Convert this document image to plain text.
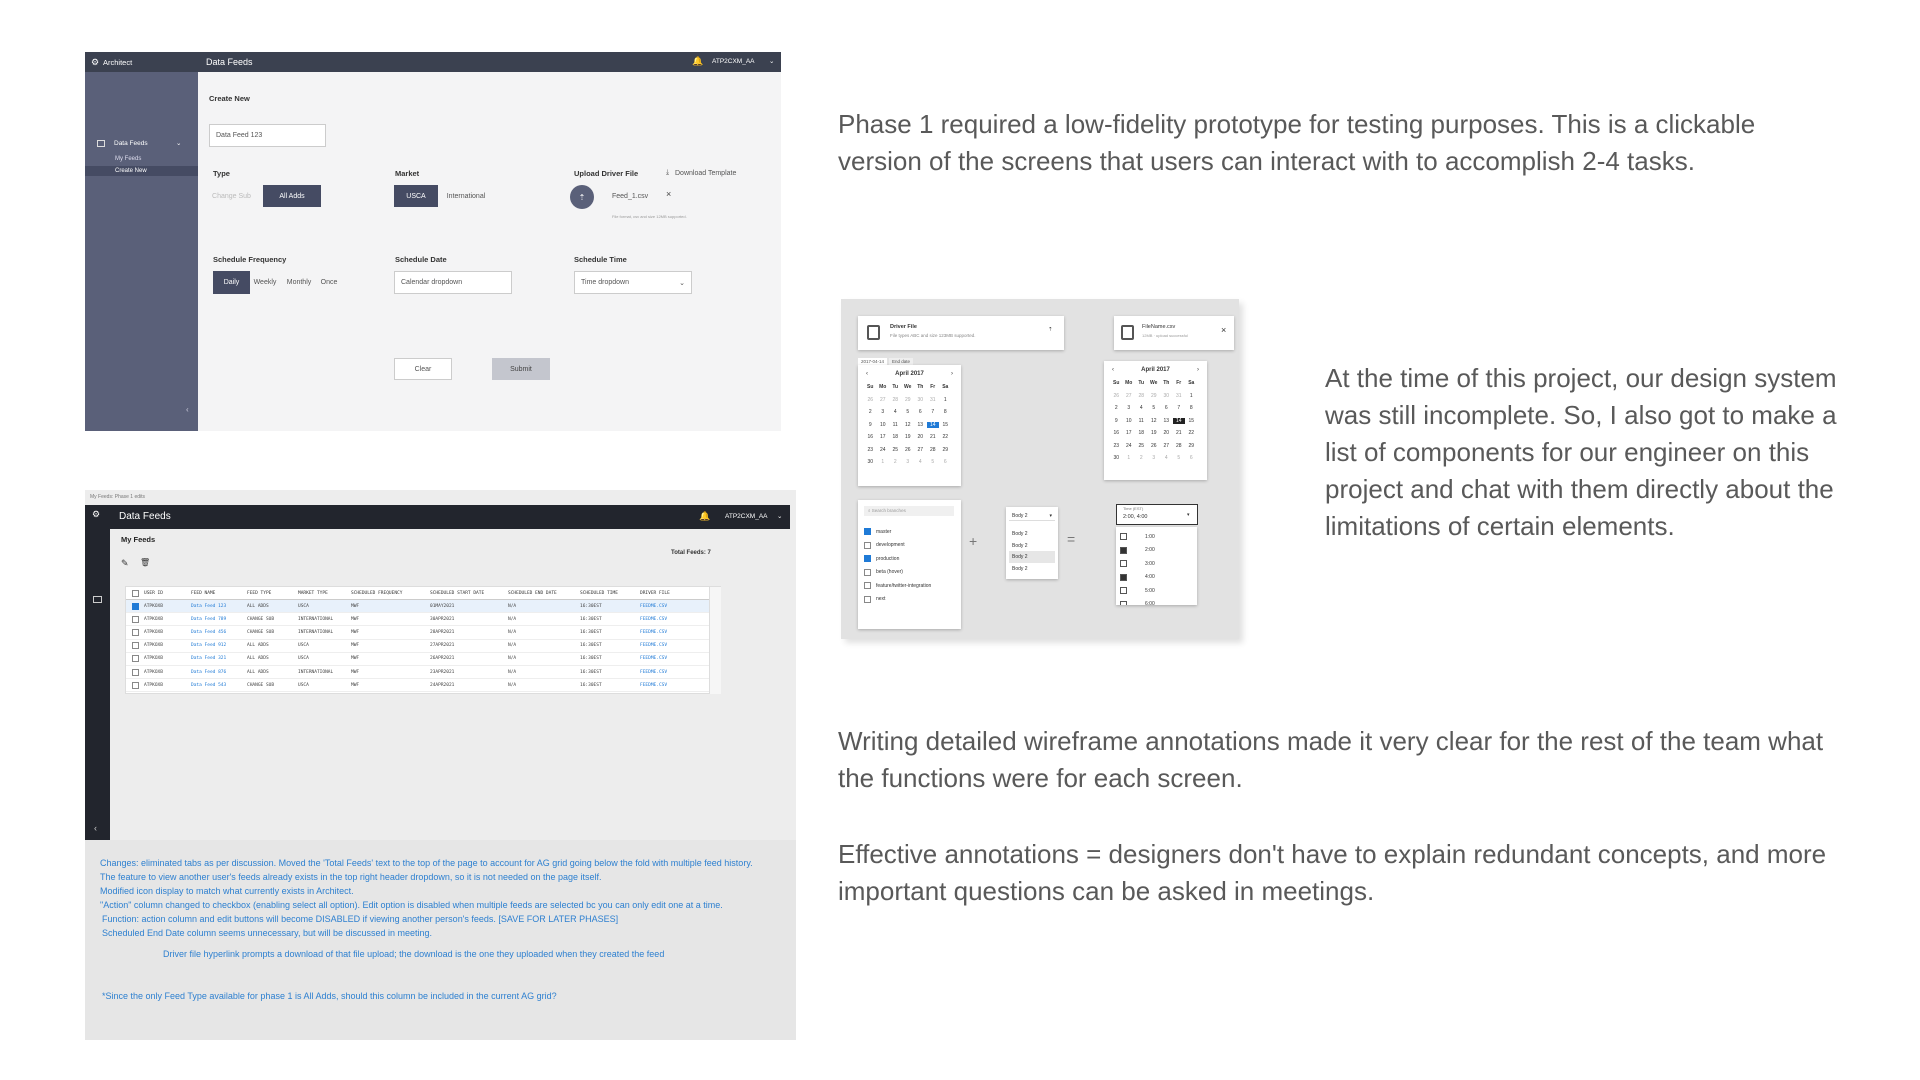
⚙ Architect	Data Feeds	🔔 ATP2CXM_AA ⌄
Data Feeds	⌄
My Feeds
Create New
‹
Create New
Data Feed 123
Type
Change Sub	All Adds
Market
USCA	International
Upload Driver File	⤓ Download Template
⇡	Feed_1.csv ×
File format, csv and size 12MB supported.
Schedule Frequency
Daily	Weekly	Monthly	Once
Schedule Date
Calendar dropdown
Schedule Time
Time dropdown	⌄
Clear	Submit
My Feeds: Phase 1 edits
Data Feeds	🔔 ATP2CXM_AA ⌄
⚙
‹
My Feeds
✎ 🗑
Total Feeds: 7
USER ID	FEED NAME	FEED TYPE	MARKET TYPE	SCHEDULED FREQUENCY	SCHEDULED START DATE	SCHEDULED END DATE	SCHEDULED TIME	DRIVER FILE
ATPKOXB	Data Feed 123	ALL ADDS	USCA	MWF	01MAY2021	N/A	16:30EST	FEEDME.CSV
ATPKOXB	Data Feed 789	CHANGE SUB	INTERNATIONAL	MWF	30APR2021	N/A	16:30EST	FEEDME.CSV
ATPKOXB	Data Feed 456	CHANGE SUB	INTERNATIONAL	MWF	28APR2021	N/A	16:30EST	FEEDME.CSV
ATPKOXB	Data Feed 912	ALL ADDS	USCA	MWF	27APR2021	N/A	16:30EST	FEEDME.CSV
ATPKOXB	Data Feed 321	ALL ADDS	USCA	MWF	26APR2021	N/A	16:30EST	FEEDME.CSV
ATPKOXB	Data Feed 876	ALL ADDS	INTERNATIONAL	MWF	23APR2021	N/A	16:30EST	FEEDME.CSV
ATPKOXB	Data Feed 543	CHANGE SUB	USCA	MWF	24APR2021	N/A	16:30EST	FEEDME.CSV
Changes: eliminated tabs as per discussion. Moved the 'Total Feeds' text to the top of the page to account for AG grid going below the fold with multiple feed history.
The feature to view another user's feeds already exists in the top right header dropdown, so it is not needed on the page itself.
Modified icon display to match what currently exists in Architect.
"Action" column changed to checkbox (enabling select all option). Edit option is disabled when multiple feeds are selected bc you can only edit one at a time.
Function: action column and edit buttons will become DISABLED if viewing another person's feeds. [SAVE FOR LATER PHASES]
Scheduled End Date column seems unnecessary, but will be discussed in meeting.
Driver file hyperlink prompts a download of that file upload; the download is the one they uploaded when they created the feed
*Since the only Feed Type available for phase 1 is All Adds, should this column be included in the current AG grid?
Driver File
File types ABC and size 123MB supported.
⇡	FileName.csv
12MB · upload successful
×
2017-04-14	End date
‹	April 2017	›
Su	Mo	Tu	We	Th	Fr	Sa
26	27	28	29	30	31	1
2	3	4	5	6	7	8
9	10	11	12	13	14	15
16	17	18	19	20	21	22
23	24	25	26	27	28	29
30	1	2	3	4	5	6
‹	April 2017	›
Su	Mo	Tu	We	Th	Fr	Sa
26	27	28	29	30	31	1
2	3	4	5	6	7	8
9	10	11	12	13	14	15
16	17	18	19	20	21	22
23	24	25	26	27	28	29
30	1	2	3	4	5	6
⌕ Search branches
master
development
production
beta (hover)
feature/twitter-integration
next
+
Body 2	▾
Body 2
Body 2
Body 2
Body 2
=
Time (EST)
2:00, 4:00	▾
1:00
2:00
3:00
4:00
5:00
6:00
Phase 1 required a low-fidelity prototype for testing purposes. This is a clickable version of the screens that users can interact with to accomplish 2-4 tasks.
At the time of this project, our design system was still incomplete. So, I also got to make a list of components for our engineer on this project and chat with them directly about the limitations of certain elements.
Writing detailed wireframe annotations made it very clear for the rest of the team what the functions were for each screen.
Effective annotations = designers don't have to explain redundant concepts, and more important questions can be asked in meetings.
